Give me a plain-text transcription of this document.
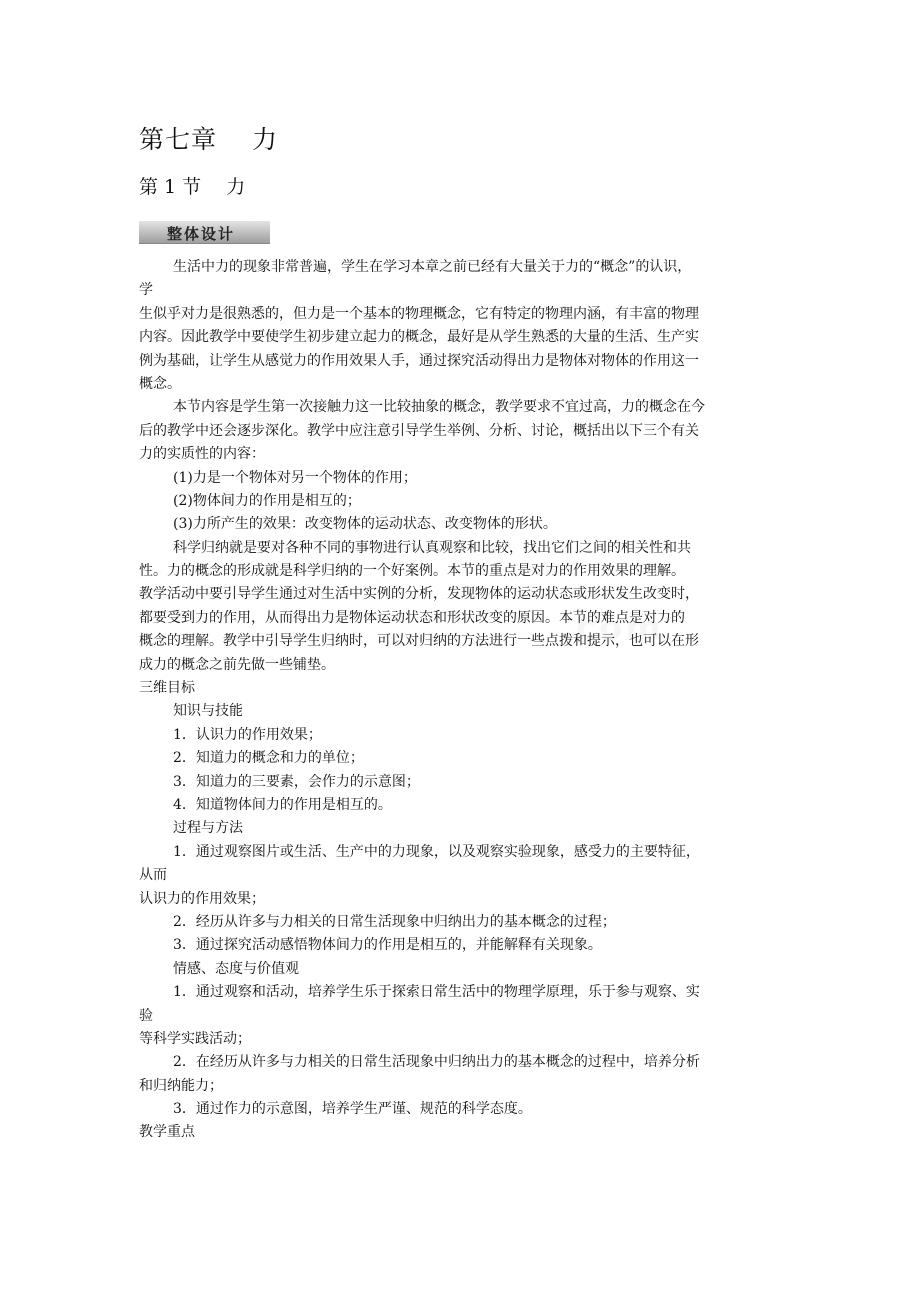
第七章　 力
第 1 节　 力
整体设计
生活中力的现象非常普遍，学生在学习本章之前已经有大量关于力的“概念”的认识，
学
生似乎对力是很熟悉的，但力是一个基本的物理概念，它有特定的物理内涵，有丰富的物理
内容。因此教学中要使学生初步建立起力的概念，最好是从学生熟悉的大量的生活、生产实
例为基础，让学生从感觉力的作用效果人手，通过探究活动得出力是物体对物体的作用这一
概念。
本节内容是学生第一次接触力这一比较抽象的概念，教学要求不宜过高，力的概念在今
后的教学中还会逐步深化。教学中应注意引导学生举例、分析、讨论，概括出以下三个有关
力的实质性的内容：
(1)力是一个物体对另一个物体的作用；
(2)物体间力的作用是相互的；
(3)力所产生的效果：改变物体的运动状态、改变物体的形状。
科学归纳就是要对各种不同的事物进行认真观察和比较，找出它们之间的相关性和共
性。力的概念的形成就是科学归纳的一个好案例。本节的重点是对力的作用效果的理解。
教学活动中要引导学生通过对生活中实例的分析，发现物体的运动状态或形状发生改变时，
都要受到力的作用，从而得出力是物体运动状态和形状改变的原因。本节的难点是对力的
概念的理解。教学中引导学生归纳时，可以对归纳的方法进行一些点拨和提示，也可以在形
成力的概念之前先做一些铺垫。
三维目标
知识与技能
1．认识力的作用效果；
2．知道力的概念和力的单位；
3．知道力的三要素，会作力的示意图；
4．知道物体间力的作用是相互的。
过程与方法
1．通过观察图片或生活、生产中的力现象，以及观察实验现象，感受力的主要特征，
从而
认识力的作用效果；
2．经历从许多与力相关的日常生活现象中归纳出力的基本概念的过程；
3．通过探究活动感悟物体间力的作用是相互的，并能解释有关现象。
情感、态度与价值观
1．通过观察和活动，培养学生乐于探索日常生活中的物理学原理，乐于参与观察、实
验
等科学实践活动；
2．在经历从许多与力相关的日常生活现象中归纳出力的基本概念的过程中，培养分析
和归纳能力；
3．通过作力的示意图，培养学生严谨、规范的科学态度。
教学重点
